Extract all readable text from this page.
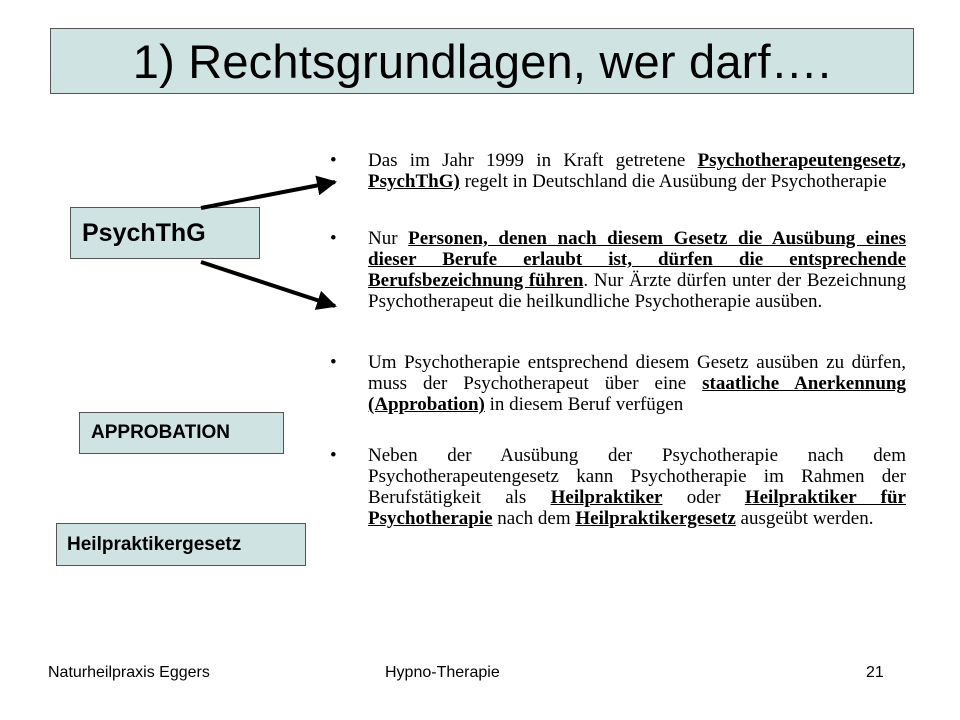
1) Rechtsgrundlagen, wer darf….
PsychThG
APPROBATION
Heilpraktikergesetz
• Das im Jahr 1999 in Kraft getretene Psychotherapeutengesetz, PsychThG) regelt in Deutschland die Ausübung der Psychotherapie

• Nur Personen, denen nach diesem Gesetz die Ausübung eines dieser Berufe erlaubt ist, dürfen die entsprechende Berufsbezeichnung führen. Nur Ärzte dürfen unter der Bezeichnung Psychotherapeut die heilkundliche Psychotherapie ausüben.

• Um Psychotherapie entsprechend diesem Gesetz ausüben zu dürfen, muss der Psychotherapeut über eine staatliche Anerkennung (Approbation) in diesem Beruf verfügen

• Neben der Ausübung der Psychotherapie nach dem Psychotherapeutengesetz kann Psychotherapie im Rahmen der Berufstätigkeit als Heilpraktiker oder Heilpraktiker für Psychotherapie nach dem Heilpraktikergesetz ausgeübt werden.

Naturheilpraxis Eggers	Hypno-Therapie	21
